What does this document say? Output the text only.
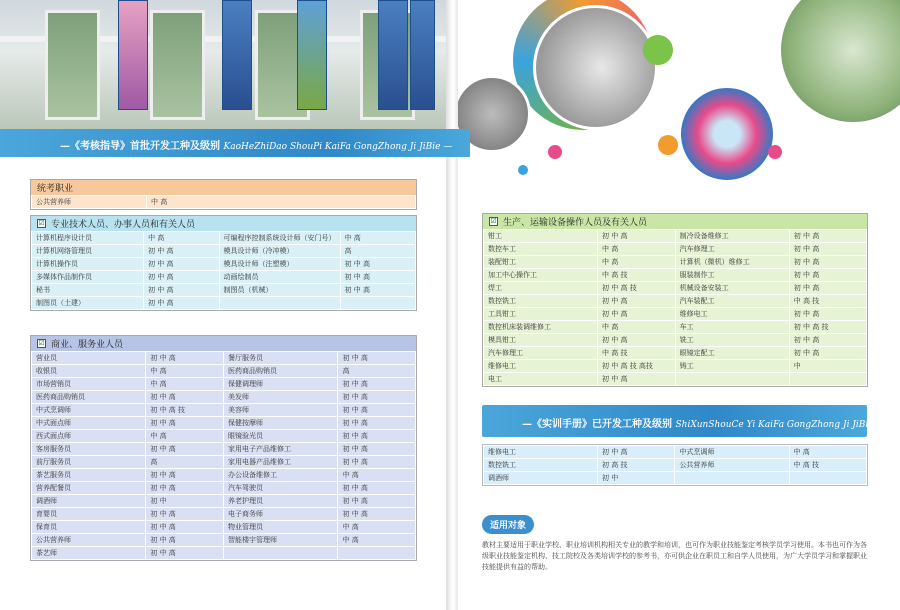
—《考核指导》首批开发工种及级别 KaoHeZhiDao ShouPi KaiFa GongZhong Ji JiBie —
统考职业
公共营养师	中 高
☑ 专业技术人员、办事人员和有关人员
计算机程序设计员	中 高	可编程序控制系统设计师（安门号）	中 高
计算机网络管理员	初 中 高	模具设计师（冷冲模）	高
计算机操作员	初 中 高	模具设计师（注塑模）	初 中 高
多媒体作品制作员	初 中 高	动画绘制员	初 中 高
秘书	初 中 高	制图员（机械）	初 中 高
制图员（土建）	初 中 高		
☑ 商业、服务业人员
营业员	初 中 高	餐厅服务员	初 中 高
收银员	中 高	医药商品购销员	高
市场营销员	中 高	保健调理师	初 中 高
医药商品购销员	初 中 高	美发师	初 中 高
中式烹调师	初 中 高 技	美容师	初 中 高
中式面点师	初 中 高	保健按摩师	初 中 高
西式面点师	中 高	眼镜验光员	初 中 高
客房服务员	初 中 高	家用电子产品维修工	初 中 高
前厅服务员	高	家用电器产品维修工	初 中 高
茶艺服务员	初 中 高	办公设备维修工	中 高
营养配餐员	初 中 高	汽车驾驶员	初 中 高
调酒师	初 中	养老护理员	初 中 高
育婴员	初 中 高	电子商务师	初 中 高
保育员	初 中 高	物业管理员	中 高
公共营养师	初 中 高	智能楼宇管理师	中 高
茶艺师	初 中 高		
☑ 生产、运输设备操作人员及有关人员
钳工	初 中 高	制冷设备维修工	初 中 高
数控车工	中 高	汽车修理工	初 中 高
装配钳工	中 高	计算机（微机）维修工	初 中 高
加工中心操作工	中 高 技	服装制作工	初 中 高
焊工	初 中 高 技	机械设备安装工	初 中 高
数控铣工	初 中 高	汽车装配工	中 高 技
工具钳工	初 中 高	维修电工	初 中 高
数控机床装调维修工	中 高	车工	初 中 高 技
模具钳工	初 中 高	铣工	初 中 高
汽车修理工	中 高 技	眼镜定配工	初 中 高
维修电工	初 中 高 技 高技	铸工	中
电工	初 中 高		
—《实训手册》已开发工种及级别 ShiXunShouCe Yi KaiFa GongZhong Ji JiBie —
维修电工	初 中 高	中式烹调师	中 高
数控铣工	初 高 技	公共营养师	中 高 技
调酒师	初 中		
适用对象
教材主要适用于职业学校、职业培训机构相关专业的教学和培训，也可作为职业技能鉴定考核学员学习使用。本书也可作为各级职业技能鉴定机构、技工院校及各类培训学校的参考书，亦可供企业在职员工和自学人员使用，为广大学员学习和掌握职业技能提供有益的帮助。
